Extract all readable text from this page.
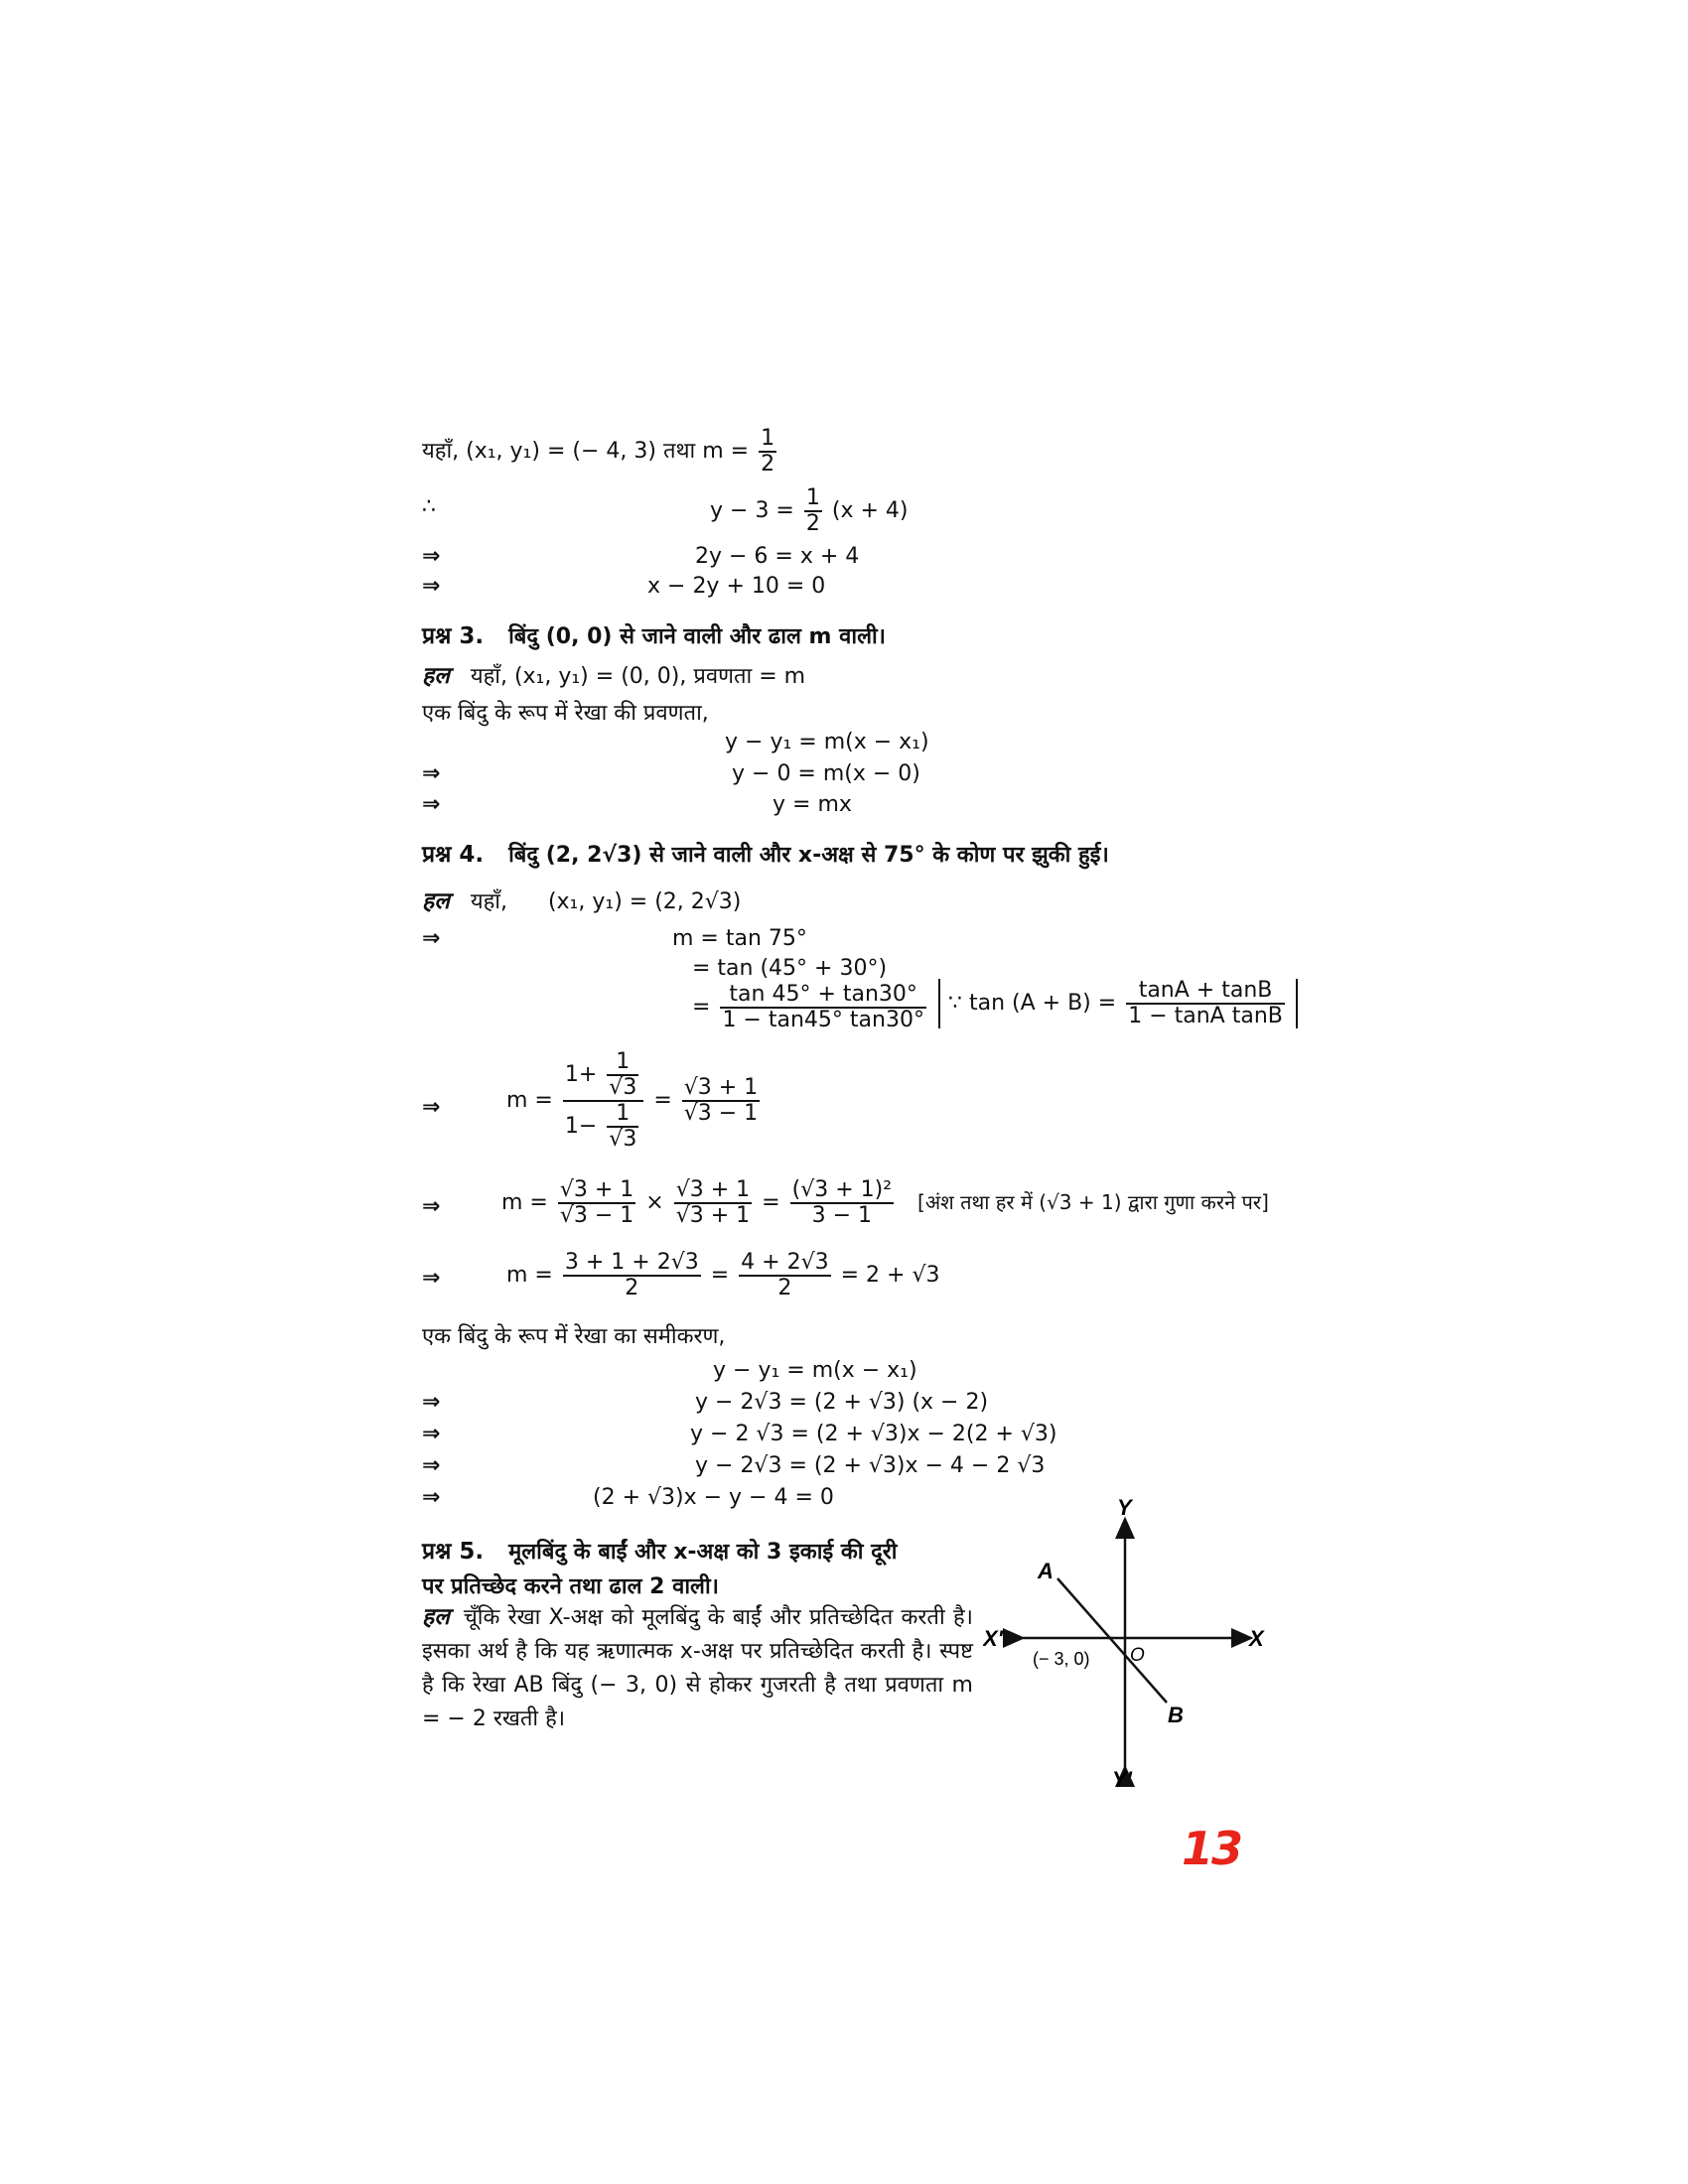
यहाँ, (x₁, y₁) = (− 4, 3) तथा $m = \frac{1}{2}$
∴	$y - 3 = \frac{1}{2} (x + 4)$
⇒	2y − 6 = x + 4
⇒	x − 2y + 10 = 0
प्रश्न 3. बिंदु (0, 0) से जाने वाली और ढाल m वाली।
हल यहाँ, (x₁, y₁) = (0, 0), प्रवणता = m
एक बिंदु के रूप में रेखा की प्रवणता,
y − y₁ = m(x − x₁)
⇒	y − 0 = m(x − 0)
⇒	y = mx
प्रश्न 4. बिंदु (2, 2√3) से जाने वाली और x-अक्ष से 75° के कोण पर झुकी हुई।
हल यहाँ, (x₁, y₁) = (2, 2√3)
⇒	m = tan 75°
= tan (45° + 30°)
= $\frac{\tan 45^\circ + \tan 30^\circ}{1 - \tan 45^\circ \tan 30^\circ}$	∵ $\tan (A + B) = \frac{\tan A + \tan B}{\text{1 − tanA tanB}}$
⇒	$m = \frac{1+ \frac{1}{√3}}{1- \frac{1}{√3}} = \frac{√3 + 1}{√3 - 1}$
⇒	$m = \frac{√3 + 1}{√3 - 1} \times \frac{√3 + 1}{√3 + 1} = \frac{\text{(√3 + 1)²}}{3 - 1}$ [अंश तथा हर में (√3 + 1) द्वारा गुणा करने पर]
⇒	$m = \frac{3 + 1 + 2√3}{2} = \frac{4 + 2√3}{2} = 2 + √3$
एक बिंदु के रूप में रेखा का समीकरण,
y − y₁ = m(x − x₁)
⇒	y − 2√3 = (2 + √3) (x − 2)
⇒	y − 2 √3 = (2 + √3)x − 2(2 + √3)
⇒	y − 2√3 = (2 + √3)x − 4 − 2 √3
⇒	(2 + √3)x − y − 4 = 0
प्रश्न 5. मूलबिंदु के बाईं और x-अक्ष को 3 इकाई की दूरी
पर प्रतिच्छेद करने तथा ढाल 2 वाली।
हल चूँकि रेखा X-अक्ष को मूलबिंदु के बाईं और प्रतिच्छेदित करती है। इसका अर्थ है कि यह ऋणात्मक x-अक्ष पर प्रतिच्छेदित करती है। स्पष्ट है कि रेखा AB बिंदु (− 3, 0) से होकर गुजरती है तथा प्रवणता m = − 2 रखती है।
Y
Y'
X'	X
A
B
O
(− 3, 0)
13
